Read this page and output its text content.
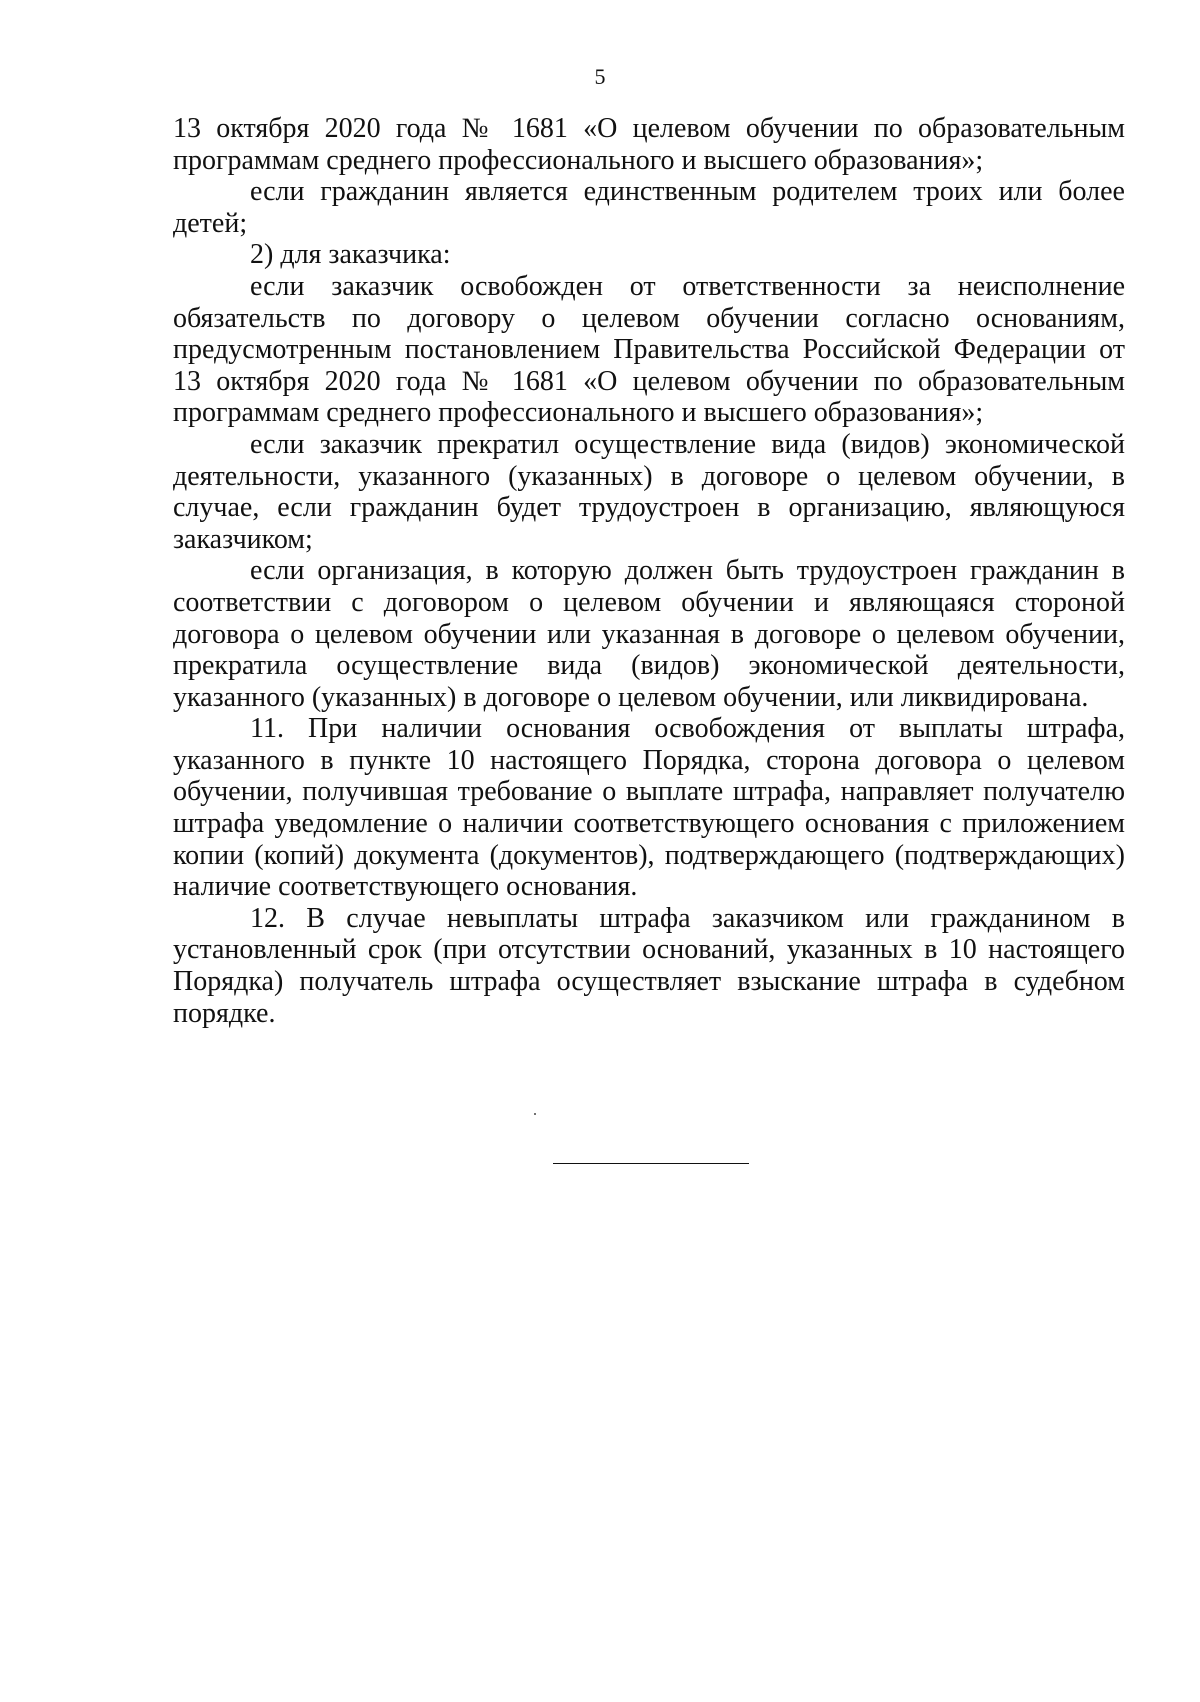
5

13 октября 2020 года № 1681 «О целевом обучении по образовательным программам среднего профессионального и высшего образования»;

если гражданин является единственным родителем троих или более детей;

2) для заказчика:

если заказчик освобожден от ответственности за неисполнение обязательств по договору о целевом обучении согласно основаниям, предусмотренным постановлением Правительства Российской Федерации от 13 октября 2020 года № 1681 «О целевом обучении по образовательным программам среднего профессионального и высшего образования»;

если заказчик прекратил осуществление вида (видов) экономической деятельности, указанного (указанных) в договоре о целевом обучении, в случае, если гражданин будет трудоустроен в организацию, являющуюся заказчиком;

если организация, в которую должен быть трудоустроен гражданин в соответствии с договором о целевом обучении и являющаяся стороной договора о целевом обучении или указанная в договоре о целевом обучении, прекратила осуществление вида (видов) экономической деятельности, указанного (указанных) в договоре о целевом обучении, или ликвидирована.

11. При наличии основания освобождения от выплаты штрафа, указанного в пункте 10 настоящего Порядка, сторона договора о целевом обучении, получившая требование о выплате штрафа, направляет получателю штрафа уведомление о наличии соответствующего основания с приложением копии (копий) документа (документов), подтверждающего (подтверждающих) наличие соответствующего основания.

12. В случае невыплаты штрафа заказчиком или гражданином в установленный срок (при отсутствии оснований, указанных в 10 настоящего Порядка) получатель штрафа осуществляет взыскание штрафа в судебном порядке.
